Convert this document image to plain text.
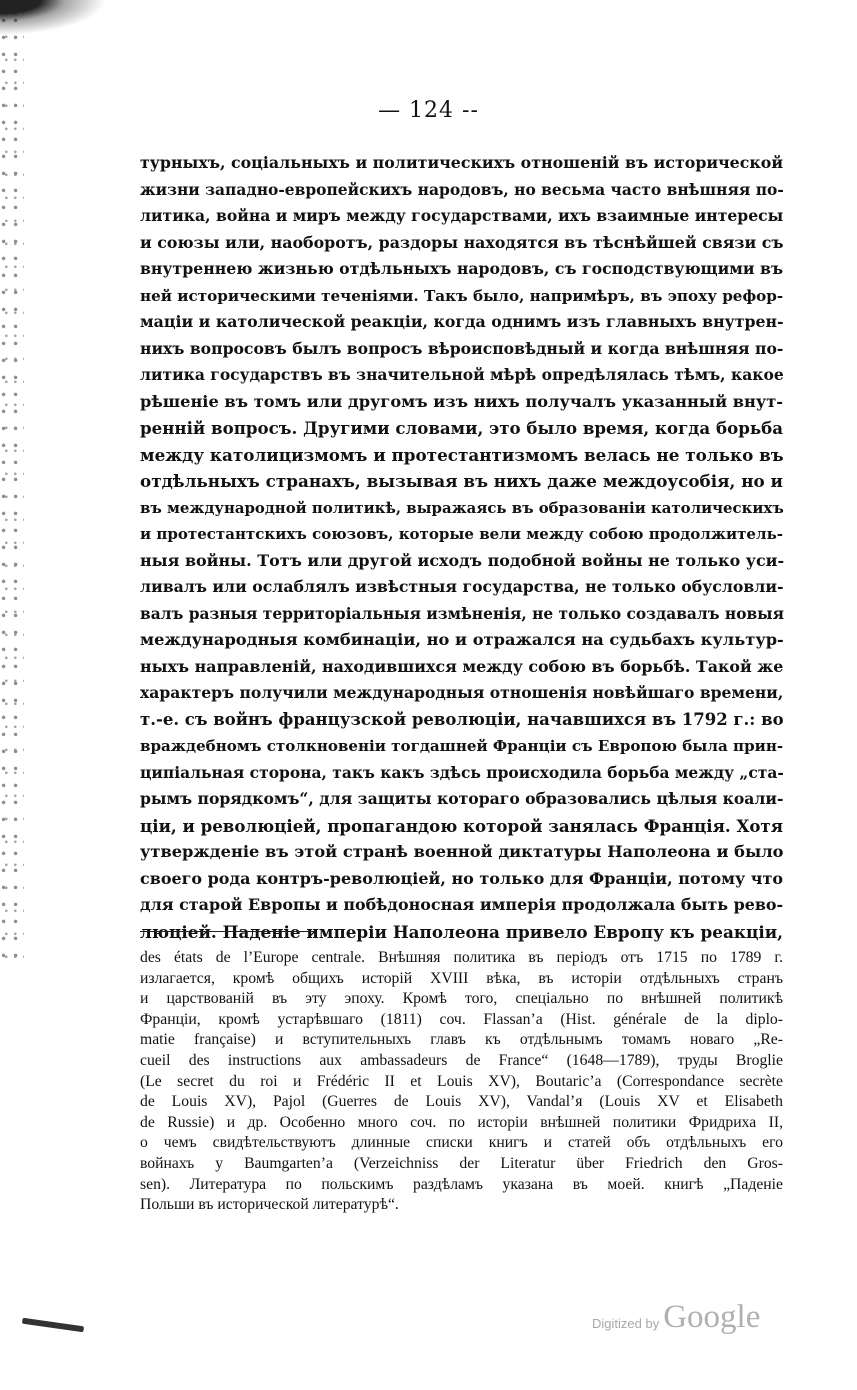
— 124 --
турныхъ, соціальныхъ и политическихъ отношеній въ исторической
жизни западно-европейскихъ народовъ, но весьма часто внѣшняя по-
литика, война и миръ между государствами, ихъ взаимные интересы
и союзы или, наоборотъ, раздоры находятся въ тѣснѣйшей связи съ
внутреннею жизнью отдѣльныхъ народовъ, съ господствующими въ
ней историческими теченіями. Такъ было, напримѣръ, въ эпоху рефор-
маціи и католической реакціи, когда однимъ изъ главныхъ внутрен-
нихъ вопросовъ былъ вопросъ вѣроисповѣдный и когда внѣшняя по-
литика государствъ въ значительной мѣрѣ опредѣлялась тѣмъ, какое
рѣшеніе въ томъ или другомъ изъ нихъ получалъ указанный внут-
ренній вопросъ. Другими словами, это было время, когда борьба
между католицизмомъ и протестантизмомъ велась не только въ
отдѣльныхъ странахъ, вызывая въ нихъ даже междоусобія, но и
въ международной политикѣ, выражаясь въ образованіи католическихъ
и протестантскихъ союзовъ, которые вели между собою продолжитель-
ныя войны. Тотъ или другой исходъ подобной войны не только уси-
ливалъ или ослаблялъ извѣстныя государства, не только обусловли-
валъ разныя территоріальныя измѣненія, не только создавалъ новыя
международныя комбинаціи, но и отражался на судьбахъ культур-
ныхъ направленій, находившихся между собою въ борьбѣ. Такой же
характеръ получили международныя отношенія новѣйшаго времени,
т.-е. съ войнъ французской революціи, начавшихся въ 1792 г.: во
враждебномъ столкновеніи тогдашней Франціи съ Европою была прин-
ципіальная сторона, такъ какъ здѣсь происходила борьба между „ста-
рымъ порядкомъ“, для защиты котораго образовались цѣлыя коали-
ціи, и революціей, пропагандою которой занялась Франція. Хотя
утвержденіе въ этой странѣ военной диктатуры Наполеона и было
своего рода контръ-революціей, но только для Франціи, потому что
для старой Европы и побѣдоносная имперія продолжала быть рево-
люціей. Паденіе имперіи Наполеона привело Европу къ реакціи,
des états de l’Europe centrale. Внѣшняя политика въ періодъ отъ 1715 по 1789 г.
излагается, кромѣ общихъ исторій XVIII вѣка, въ исторіи отдѣльныхъ странъ
и царствованій въ эту эпоху. Кромѣ того, спеціально по внѣшней политикѣ
Франціи, кромѣ устарѣвшаго (1811) соч. Flassan’a (Hist. générale de la diplo-
matie française) и вступительныхъ главъ къ отдѣльнымъ томамъ новаго „Re-
cueil des instructions aux ambassadeurs de France“ (1648—1789), труды Broglie
(Le secret du roi и Frédéric II et Louis XV), Boutaric’a (Correspondance secrète
de Louis XV), Pajol (Guerres de Louis XV), Vandal’я (Louis XV et Elisabeth
de Russie) и др. Особенно много соч. по исторіи внѣшней политики Фридриха II,
о чемъ свидѣтельствуютъ длинные списки книгъ и статей объ отдѣльныхъ его
войнахъ у Baumgarten’a (Verzeichniss der Literatur über Friedrich den Gros-
sen). Литература по польскимъ раздѣламъ указана въ моей. книгѣ „Паденіе
Польши въ исторической литературѣ“.
Digitized by Google
